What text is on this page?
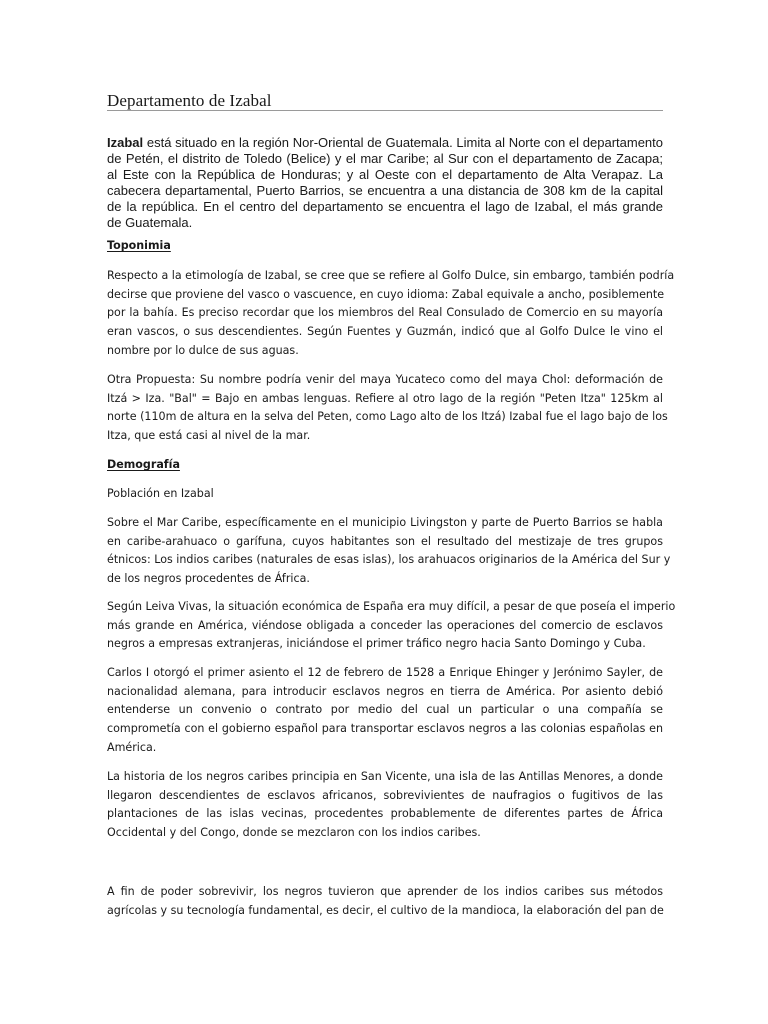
Departamento de Izabal
Izabal está situado en la región Nor-Oriental de Guatemala. Limita al Norte con el departamento
de Petén, el distrito de Toledo (Belice) y el mar Caribe; al Sur con el departamento de Zacapa;
al Este con la República de Honduras; y al Oeste con el departamento de Alta Verapaz. La
cabecera departamental, Puerto Barrios, se encuentra a una distancia de 308 km de la capital
de la república. En el centro del departamento se encuentra el lago de Izabal, el más grande
de Guatemala.
Toponimia
Respecto a la etimología de Izabal, se cree que se refiere al Golfo Dulce, sin embargo, también podría
decirse que proviene del vasco o vascuence, en cuyo idioma: Zabal equivale a ancho, posiblemente
por la bahía. Es preciso recordar que los miembros del Real Consulado de Comercio en su mayoría
eran vascos, o sus descendientes. Según Fuentes y Guzmán, indicó que al Golfo Dulce le vino el
nombre por lo dulce de sus aguas.
Otra Propuesta: Su nombre podría venir del maya Yucateco como del maya Chol: deformación de
Itzá > Iza. "Bal" = Bajo en ambas lenguas. Refiere al otro lago de la región "Peten Itza" 125km al
norte (110m de altura en la selva del Peten, como Lago alto de los Itzá) Izabal fue el lago bajo de los
Itza, que está casi al nivel de la mar.
Demografía
Población en Izabal
Sobre el Mar Caribe, específicamente en el municipio Livingston y parte de Puerto Barrios se habla
en caribe-arahuaco o garífuna, cuyos habitantes son el resultado del mestizaje de tres grupos
étnicos: Los indios caribes (naturales de esas islas), los arahuacos originarios de la América del Sur y
de los negros procedentes de África.
Según Leiva Vivas, la situación económica de España era muy difícil, a pesar de que poseía el imperio
más grande en América, viéndose obligada a conceder las operaciones del comercio de esclavos
negros a empresas extranjeras, iniciándose el primer tráfico negro hacia Santo Domingo y Cuba.
Carlos I otorgó el primer asiento el 12 de febrero de 1528 a Enrique Ehinger y Jerónimo Sayler, de
nacionalidad alemana, para introducir esclavos negros en tierra de América. Por asiento debió
entenderse un convenio o contrato por medio del cual un particular o una compañía se
comprometía con el gobierno español para transportar esclavos negros a las colonias españolas en
América.
La historia de los negros caribes principia en San Vicente, una isla de las Antillas Menores, a donde
llegaron descendientes de esclavos africanos, sobrevivientes de naufragios o fugitivos de las
plantaciones de las islas vecinas, procedentes probablemente de diferentes partes de África
Occidental y del Congo, donde se mezclaron con los indios caribes.
A fin de poder sobrevivir, los negros tuvieron que aprender de los indios caribes sus métodos
agrícolas y su tecnología fundamental, es decir, el cultivo de la mandioca, la elaboración del pan de
